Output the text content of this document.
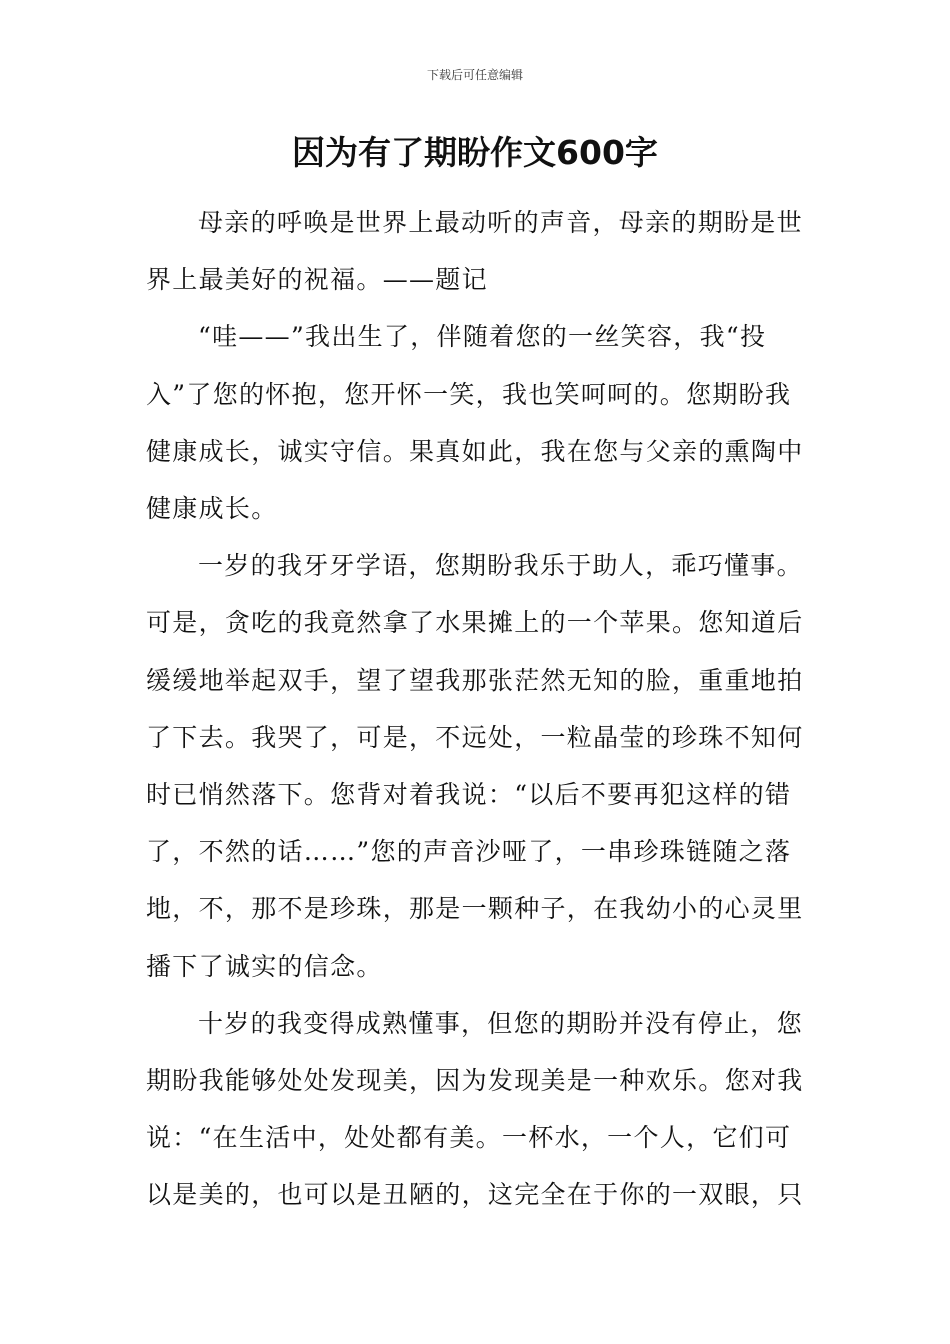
下载后可任意编辑
因为有了期盼作文600字

母亲的呼唤是世界上最动听的声音，母亲的期盼是世
界上最美好的祝福。——题记

“哇——”我出生了，伴随着您的一丝笑容，我“投
入”了您的怀抱，您开怀一笑，我也笑呵呵的。您期盼我
健康成长，诚实守信。果真如此，我在您与父亲的熏陶中
健康成长。

一岁的我牙牙学语，您期盼我乐于助人，乖巧懂事。
可是，贪吃的我竟然拿了水果摊上的一个苹果。您知道后
缓缓地举起双手，望了望我那张茫然无知的脸，重重地拍
了下去。我哭了，可是，不远处，一粒晶莹的珍珠不知何
时已悄然落下。您背对着我说：“以后不要再犯这样的错
了，不然的话……”您的声音沙哑了，一串珍珠链随之落
地，不，那不是珍珠，那是一颗种子，在我幼小的心灵里
播下了诚实的信念。

十岁的我变得成熟懂事，但您的期盼并没有停止，您
期盼我能够处处发现美，因为发现美是一种欢乐。您对我
说：“在生活中，处处都有美。一杯水，一个人，它们可
以是美的，也可以是丑陋的，这完全在于你的一双眼，只
